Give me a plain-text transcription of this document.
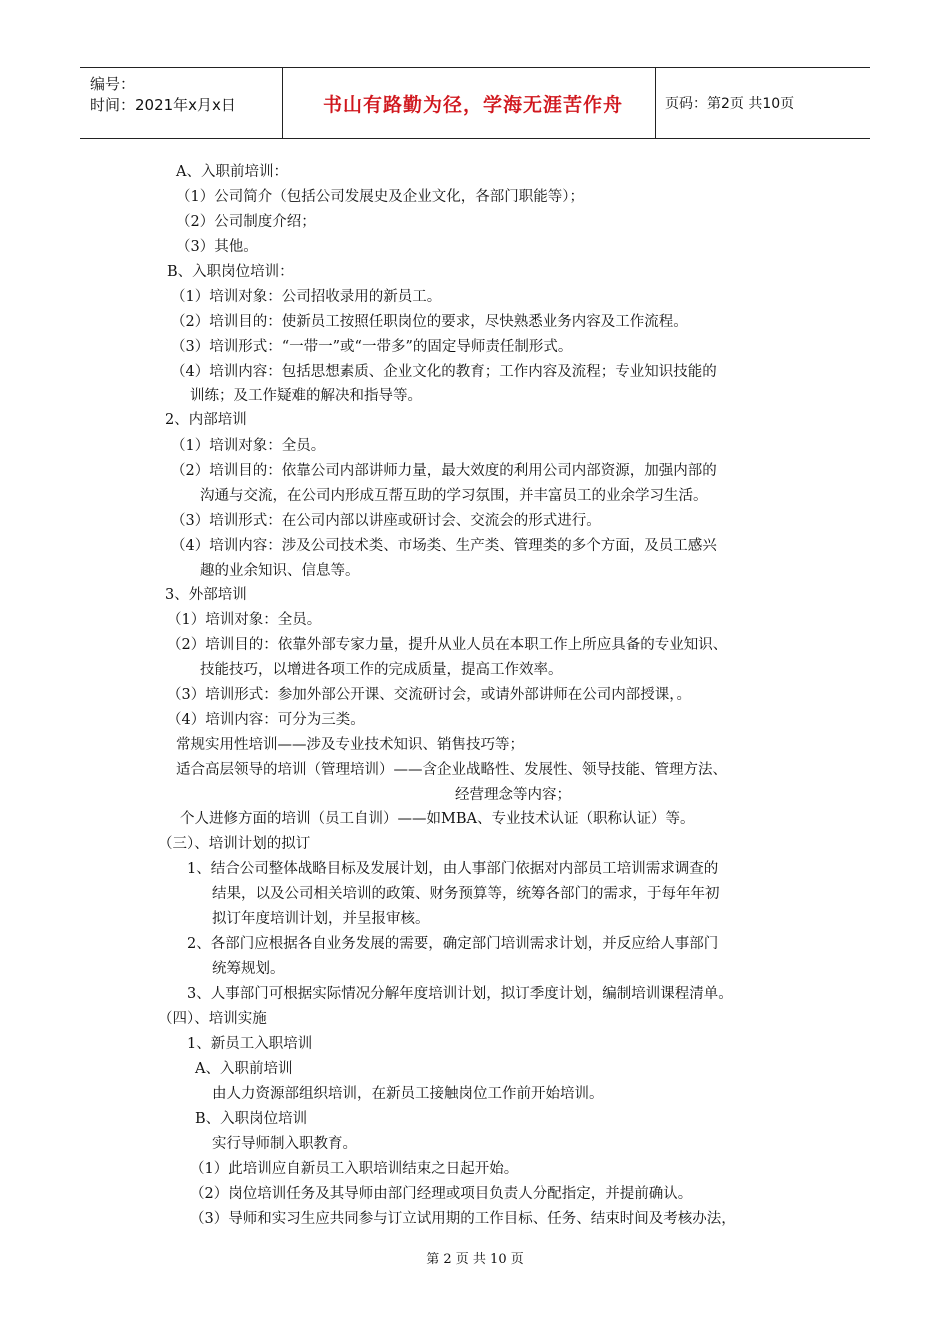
编号：
时间：2021年x月x日	书山有路勤为径，学海无涯苦作舟	页码：第2页 共10页
A、入职前培训：
（1）公司简介（包括公司发展史及企业文化，各部门职能等）；
（2）公司制度介绍；
（3）其他。
B、入职岗位培训：
（1）培训对象：公司招收录用的新员工。
（2）培训目的：使新员工按照任职岗位的要求，尽快熟悉业务内容及工作流程。
（3）培训形式：“一带一”或“一带多”的固定导师责任制形式。
（4）培训内容：包括思想素质、企业文化的教育；工作内容及流程；专业知识技能的
训练；及工作疑难的解决和指导等。
2、内部培训
（1）培训对象：全员。
（2）培训目的：依靠公司内部讲师力量，最大效度的利用公司内部资源，加强内部的
沟通与交流，在公司内形成互帮互助的学习氛围，并丰富员工的业余学习生活。
（3）培训形式：在公司内部以讲座或研讨会、交流会的形式进行。
（4）培训内容：涉及公司技术类、市场类、生产类、管理类的多个方面，及员工感兴
趣的业余知识、信息等。
3、外部培训
（1）培训对象：全员。
（2）培训目的：依靠外部专家力量，提升从业人员在本职工作上所应具备的专业知识、
技能技巧，以增进各项工作的完成质量，提高工作效率。
（3）培训形式：参加外部公开课、交流研讨会，或请外部讲师在公司内部授课，。
（4）培训内容：可分为三类。
常规实用性培训——涉及专业技术知识、销售技巧等；
适合高层领导的培训（管理培训）——含企业战略性、发展性、领导技能、管理方法、
经营理念等内容；
个人进修方面的培训（员工自训）——如MBA、专业技术认证（职称认证）等。
（三）、培训计划的拟订
1、结合公司整体战略目标及发展计划，由人事部门依据对内部员工培训需求调查的
结果，以及公司相关培训的政策、财务预算等，统筹各部门的需求，于每年年初
拟订年度培训计划，并呈报审核。
2、各部门应根据各自业务发展的需要，确定部门培训需求计划，并反应给人事部门
统筹规划。
3、人事部门可根据实际情况分解年度培训计划，拟订季度计划，编制培训课程清单。
（四）、培训实施
1、新员工入职培训
A、入职前培训
由人力资源部组织培训，在新员工接触岗位工作前开始培训。
B、入职岗位培训
实行导师制入职教育。
（1）此培训应自新员工入职培训结束之日起开始。
（2）岗位培训任务及其导师由部门经理或项目负责人分配指定，并提前确认。
（3）导师和实习生应共同参与订立试用期的工作目标、任务、结束时间及考核办法，
第 2 页 共 10 页
